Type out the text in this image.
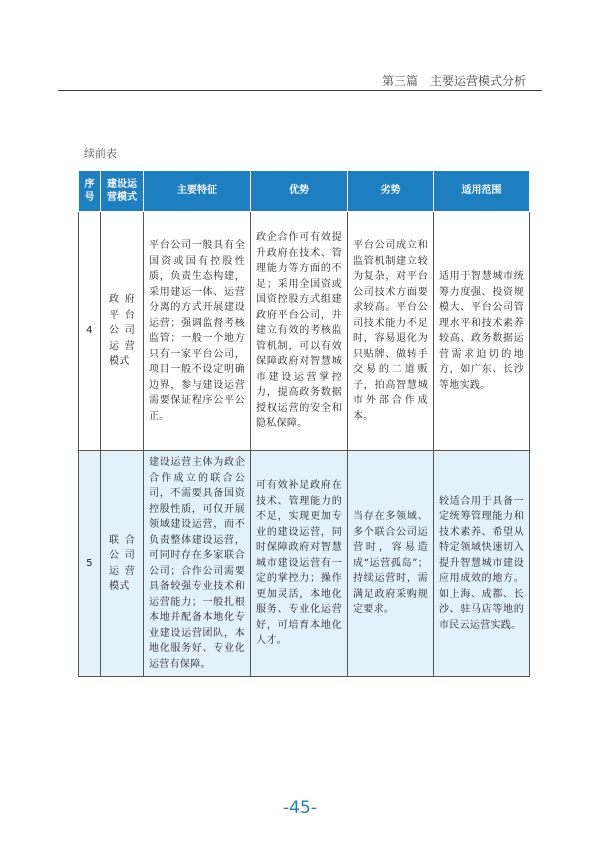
第三篇　主要运营模式分析
续前表
序号	建设运营模式	主要特征	优势	劣势	适用范围
4	政府平台公司运营模式	平台公司一般具有全国资或国有控股性质，负责生态构建，采用建运一体、运营分离的方式开展建设运营；强调监督考核监管；一般一个地方只有一家平台公司，项目一般不设定明确边界，参与建设运营需要保证程序公平公正。	政企合作可有效提升政府在技术、管理能力等方面的不足；采用全国资或国资控股方式组建政府平台公司，并建立有效的考核监管机制，可以有效保障政府对智慧城市建设运营掌控力，提高政务数据授权运营的安全和隐私保障。	平台公司成立和监管机制建立较为复杂，对平台公司技术方面要求较高。平台公司技术能力不足时，容易退化为只贴牌、做转手交易的二道贩子，拍高智慧城市外部合作成本。	适用于智慧城市统筹力度强、投资规模大、平台公司管理水平和技术素养较高、政务数据运营需求迫切的地方，如广东、长沙等地实践。
5	联合公司运营模式	建设运营主体为政企合作成立的联合公司，不需要具备国资控股性质，可仅开展领域建设运营，而不负责整体建设运营，可同时存在多家联合公司；合作公司需要具备较强专业技术和运营能力；一般扎根本地并配备本地化专业建设运营团队，本地化服务好、专业化运营有保障。	可有效补足政府在技术、管理能力的不足，实现更加专业的建设运营，同时保障政府对智慧城市建设运营有一定的掌控力；操作更加灵活，本地化服务、专业化运营好，可培育本地化人才。	当存在多领域、多个联合公司运营时，容易造成“运营孤岛”；持续运营时，需满足政府采购规定要求。	较适合用于具备一定统筹管理能力和技术素养、希望从特定领域快速切入提升智慧城市建设应用成效的地方。如上海、成都、长沙、驻马店等地的市民云运营实践。
-45-
